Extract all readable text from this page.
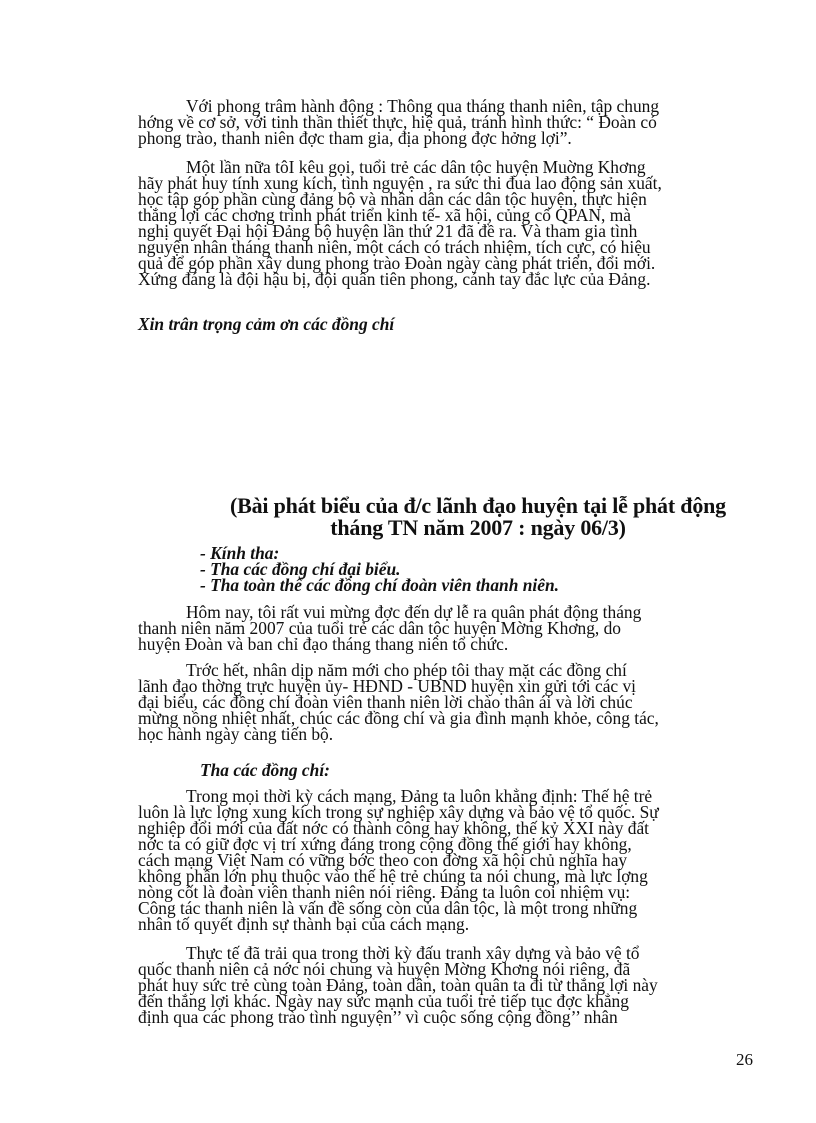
Với phong trâm hành động : Thông qua tháng thanh niên, tập chung
hớng về cơ sở, với tinh thần thiết thực, hiệ quả, tránh hình thức: “ Đoàn có
phong trào, thanh niên đợc tham gia, địa phong đợc hởng lợi”.

Một lần nữa tôI kêu gọi, tuổi trẻ các dân tộc huyện Muờng Khơng
hãy phát huy tính xung kích, tình nguyện , ra sức thi đua lao động sản xuất,
học tập góp phần cùng đảng bộ và nhân dân các dân tộc huyện, thực hiện
thắng lợi các chơng trình phát triển kinh tế- xã hội, củng cố QPAN, mà
nghị quyết Đại hội Đảng bộ huyện lần thứ 21 đã đề ra. Và tham gia tình
nguyện nhân tháng thanh niên, một cách có trách nhiệm, tích cực, có hiệu
quả để góp phần xây dung phong trào Đoàn ngày càng phát triển, đổi mới.
Xứng đáng là đội hậu bị, đội quân tiên phong, cánh tay đắc lực của Đảng.

Xin trân trọng cảm ơn các đồng chí
(Bài phát biểu của đ/c lãnh đạo huyện tại lễ phát động
tháng TN năm 2007 : ngày 06/3)
- Kính tha:
- Tha các đồng chí đại biểu.
- Tha toàn thể các đồng chí đoàn viên thanh niên.

Hôm nay, tôi rất vui mừng đợc đến dự lễ ra quân phát động tháng
thanh niên năm 2007 của tuổi trẻ các dân tộc huyện Mờng Khơng, do
huyện Đoàn và ban chỉ đạo tháng thang niên tổ chức.

Trớc hết, nhân dịp năm mới cho phép tôi thay mặt các đồng chí
lãnh đạo thờng trực huyện ủy- HĐND - UBND huyện xin gửi tới các vị
đại biểu, các đồng chí đoàn viên thanh niên lời chào thân ái và lời chúc
mừng nồng nhiệt nhất, chúc các đồng chí và gia đình mạnh khỏe, công tác,
học hành ngày càng tiến bộ.

Tha các đồng chí:

Trong mọi thời kỳ cách mạng, Đảng ta luôn khẳng định: Thế hệ trẻ
luôn là lực lợng xung kích trong sự nghiệp xây dựng và bảo vệ tổ quốc. Sự
nghiệp đổi mới của đất nớc có thành công hay không, thế kỷ XXI này đất
nớc ta có giữ đợc vị trí xứng đáng trong cộng đồng thế giới hay không,
cách mạng Việt Nam có vững bớc theo con đờng xã hội chủ nghĩa hay
không phần lớn phụ thuộc vào thế hệ trẻ chúng ta nói chung, mà lực lợng
nòng cốt là đoàn viên thanh niên nói riêng. Đảng ta luôn coi nhiệm vụ:
Công tác thanh niên là vấn đề sống còn của dân tộc, là một trong những
nhân tố quyết định sự thành bại của cách mạng.

Thực tế đã trải qua trong thời kỳ đấu tranh xây dựng và bảo vệ tổ
quốc thanh niên cả nớc nói chung và huyện Mờng Khơng nói riêng, đã
phát huy sức trẻ cùng toàn Đảng, toàn dân, toàn quân ta đi từ thắng lợi này
đến thắng lợi khác. Ngày nay sức mạnh của tuổi trẻ tiếp tục đợc khẳng
định qua các phong trào tình nguyện’’ vì cuộc sống cộng đồng’’ nhân

26
